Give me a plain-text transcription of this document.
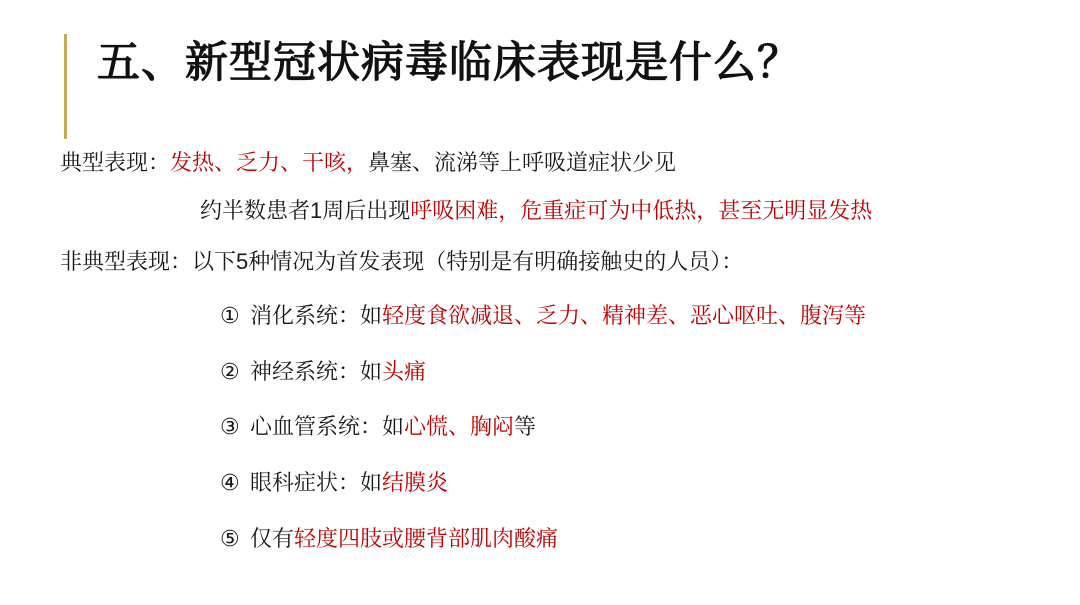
五、新型冠状病毒临床表现是什么？
典型表现：发热、乏力、干咳，鼻塞、流涕等上呼吸道症状少见
约半数患者1周后出现呼吸困难，危重症可为中低热，甚至无明显发热
非典型表现：以下5种情况为首发表现（特别是有明确接触史的人员）：
① 消化系统：如轻度食欲减退、乏力、精神差、恶心呕吐、腹泻等
② 神经系统：如头痛
③ 心血管系统：如心慌、胸闷等
④ 眼科症状：如结膜炎
⑤ 仅有轻度四肢或腰背部肌肉酸痛
